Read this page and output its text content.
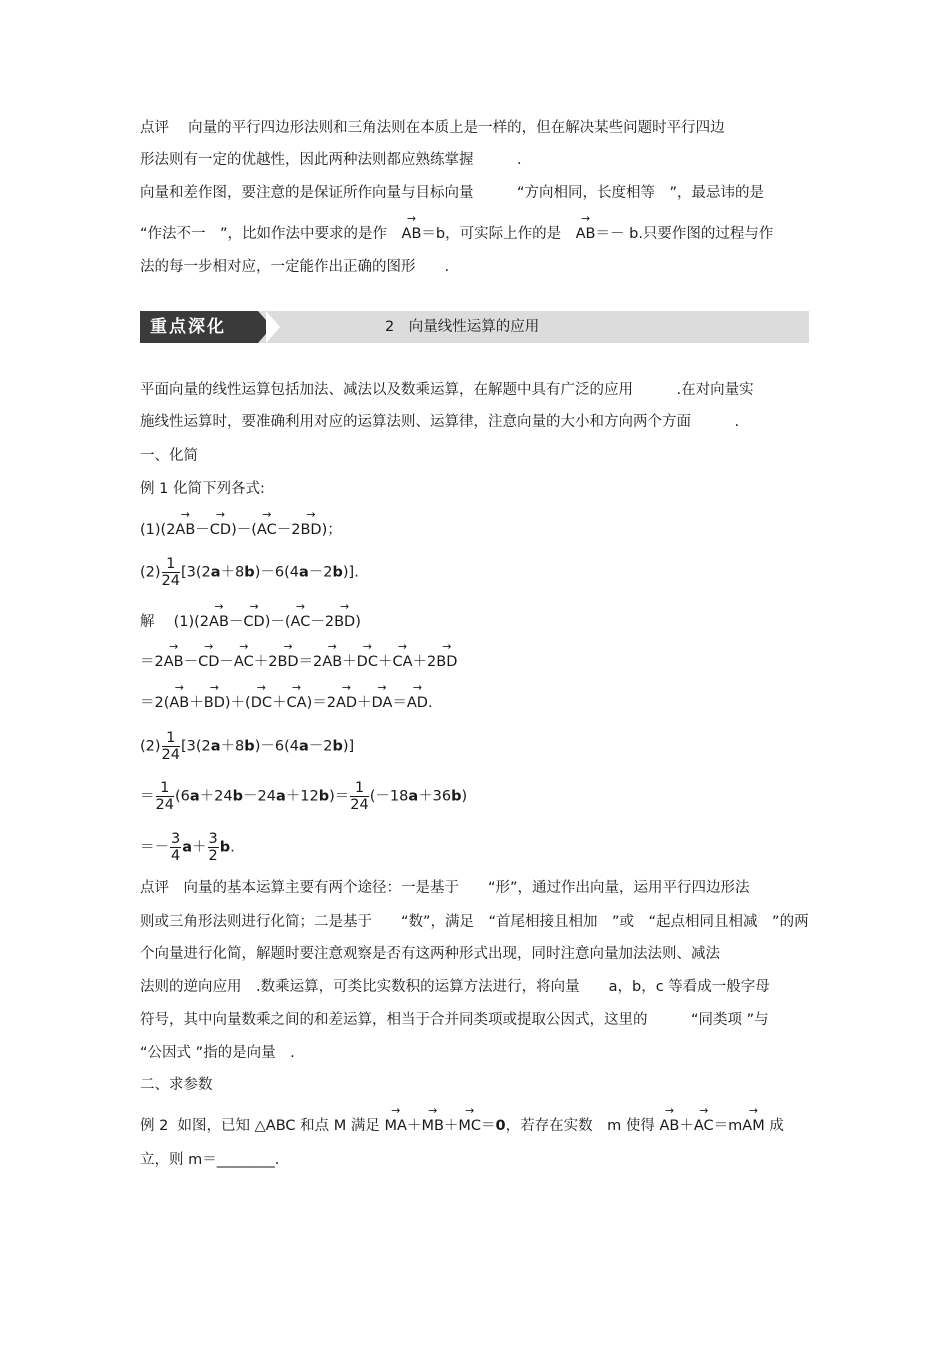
点评　 向量的平行四边形法则和三角法则在本质上是一样的，但在解决某些问题时平行四边
形法则有一定的优越性，因此两种法则都应熟练掌握　　　.
向量和差作图，要注意的是保证所作向量与目标向量　　　“方向相同，长度相等　”，最忌讳的是
“作法不一　”，比如作法中要求的是作　→ AB＝b，可实际上作的是　→ AB＝－ b.只要作图的过程与作
法的每一步相对应，一定能作出正确的图形　　.
重点深化	2　向量线性运算的应用
平面向量的线性运算包括加法、减法以及数乘运算，在解题中具有广泛的应用　　　.在对向量实
施线性运算时，要准确利用对应的运算法则、运算律，注意向量的大小和方向两个方面　　　.
一、化简
例 1 化简下列各式:
(1)(2→ AB－→ CD)－(→ AC－2→ BD)；
$(2) \frac{1}{24} [3(2a+8b)-6(4a-2b)]$.
解　 (1)(2→ AB－→ CD)－(→ AC－2→ BD)
＝2→ AB－→ CD－→ AC＋2→ BD＝2→ AB＋→ DC＋→ CA＋2→ BD
＝2(→ AB＋→ BD)＋(→ DC＋→ CA)＝2→ AD＋→ DA＝→ AD.
$(2) \frac{1}{24} [3(2a+8b)-6(4a-2b)]$
＝ $\frac{1}{24} (6a+24b-24a+12b)= \frac{1}{24} (-18a+36b)$
＝－ $\frac{3}{4} a+ \frac{3}{2} b$.
点评　向量的基本运算主要有两个途径：一是基于　　“形”，通过作出向量，运用平行四边形法
则或三角形法则进行化简；二是基于　　“数”，满足　“首尾相接且相加　”或　“起点相同且相减　”的两
个向量进行化简，解题时要注意观察是否有这两种形式出现，同时注意向量加法法则、减法
法则的逆向应用　.数乘运算，可类比实数积的运算方法进行，将向量　　a，b，c 等看成一般字母
符号，其中向量数乘之间的和差运算，相当于合并同类项或提取公因式，这里的　　　“同类项 ”与
“公因式 ”指的是向量　.
二、求参数
例 2  如图，已知 △ABC 和点 M 满足 → MA＋→ MB＋→ MC＝0，若存在实数　m 使得 → AB＋→ AC＝m→ AM 成
立，则 m＝________.
